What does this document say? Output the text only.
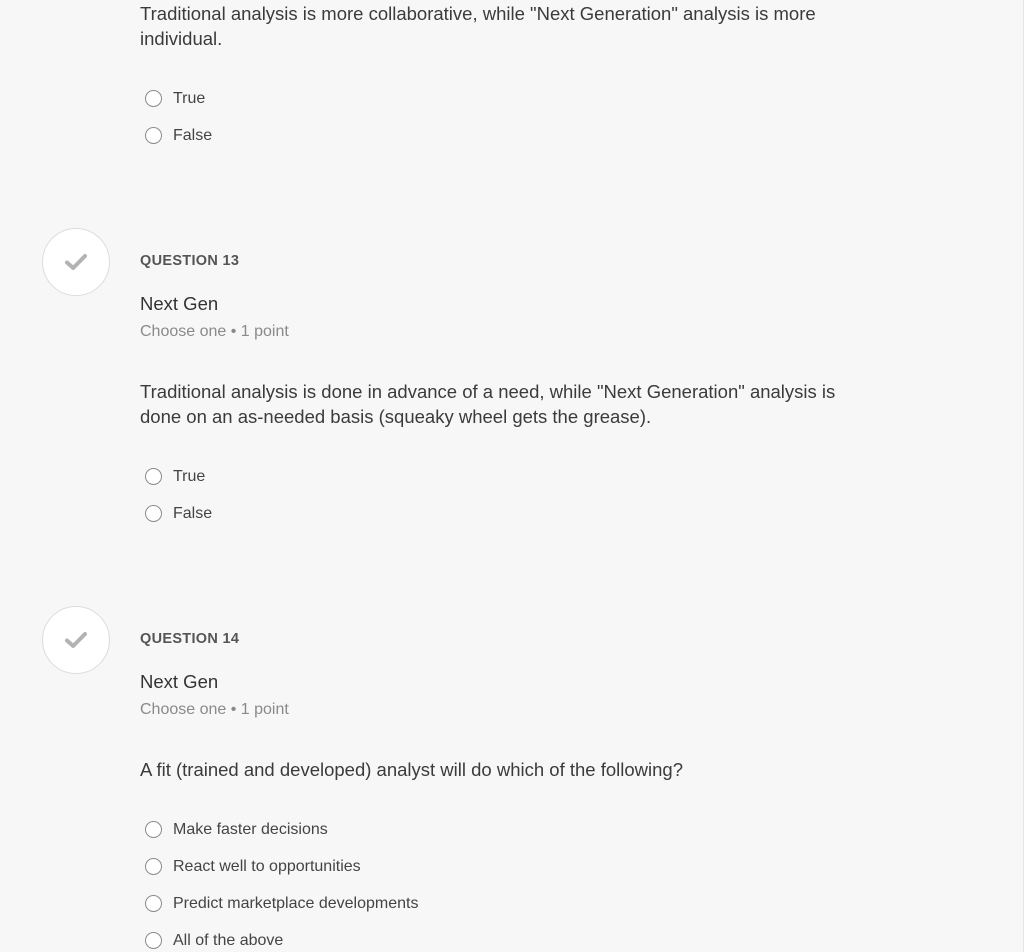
Traditional analysis is more collaborative, while "Next Generation" analysis is more individual.

True
False

QUESTION 13

Next Gen

Choose one • 1 point

Traditional analysis is done in advance of a need, while "Next Generation" analysis is done on an as-needed basis (squeaky wheel gets the grease).

True
False

QUESTION 14

Next Gen

Choose one • 1 point

A fit (trained and developed) analyst will do which of the following?

Make faster decisions
React well to opportunities
Predict marketplace developments
All of the above
